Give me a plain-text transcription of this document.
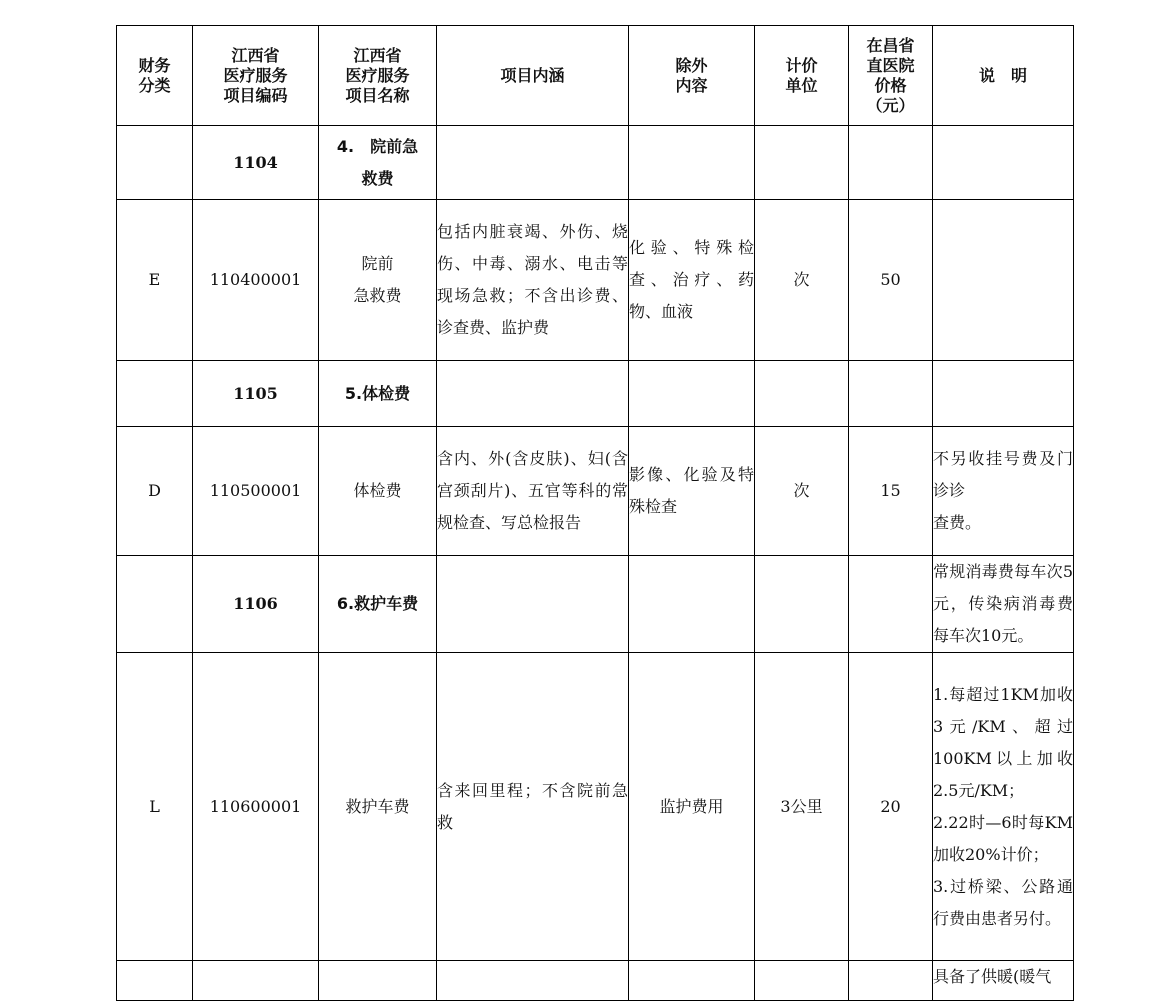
财务
分类	江西省
医疗服务
项目编码	江西省
医疗服务
项目名称	项目内涵	除外
内容	计价
单位	在昌省
直医院
价格
（元）	说　明
	1104	4.　院前急
救费					
E	110400001	院前
急救费	包括内脏衰竭、外伤、烧伤、中毒、溺水、电击等现场急救；不含出诊费、诊查费、监护费	化验、特殊检查、治疗、药物、血液	次	50	
	1105	5.体检费					
D	110500001	体检费	含内、外(含皮肤)、妇(含宫颈刮片)、五官等科的常规检查、写总检报告	影像、化验及特殊检查	次	15	不另收挂号费及门诊诊
查费。
	1106	6.救护车费					常规消毒费每车次5元，传染病消毒费每车次10元。
L	110600001	救护车费	含来回里程；不含院前急救	监护费用	3公里	20	1.每超过1KM加收3元/KM、超过100KM以上加收2.5元/KM；
2.22时—6时每KM加收20%计价；
3.过桥梁、公路通行费由患者另付。
							具备了供暖(暖气
